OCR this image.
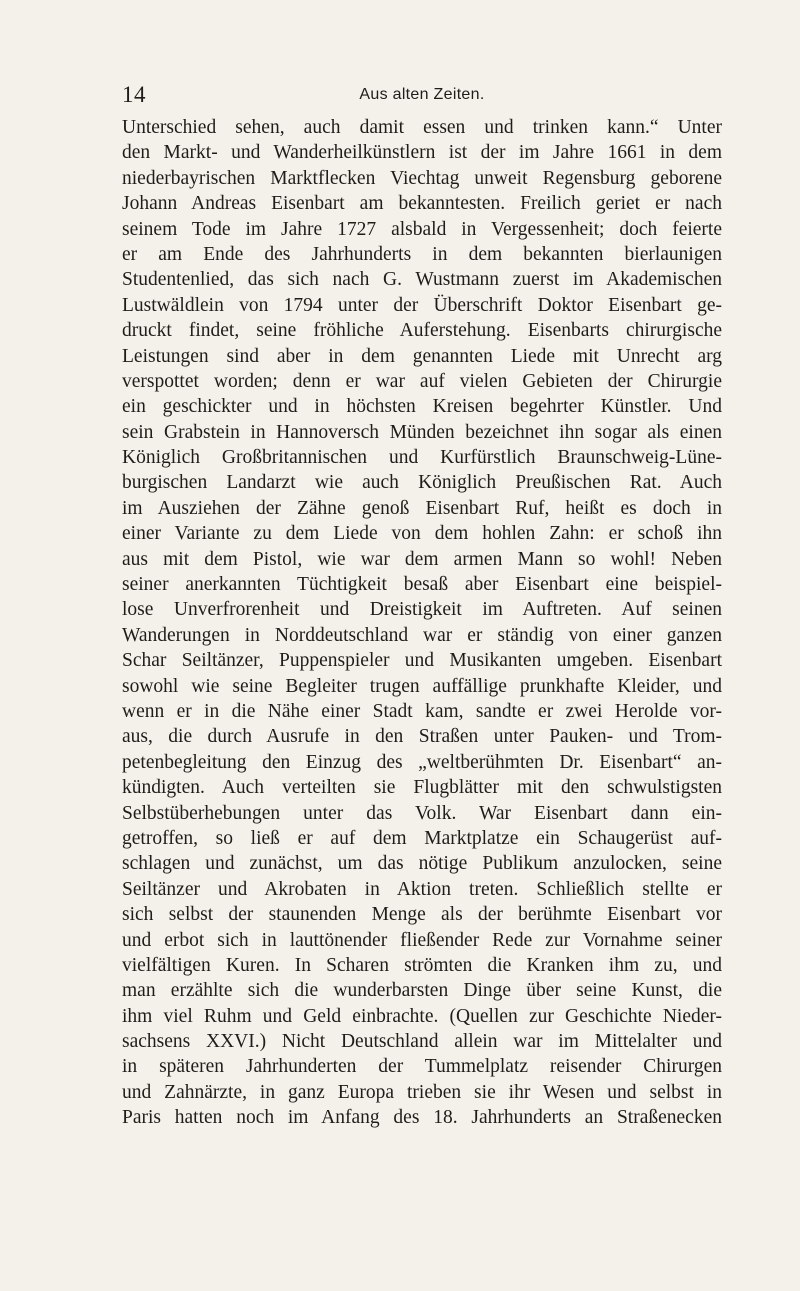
14	Aus alten Zeiten.
Unterschied sehen, auch damit essen und trinken kann.“ Unter
den Markt- und Wanderheilkünstlern ist der im Jahre 1661 in dem
niederbayrischen Marktflecken Viechtag unweit Regensburg geborene
Johann Andreas Eisenbart am bekanntesten. Freilich geriet er nach
seinem Tode im Jahre 1727 alsbald in Vergessenheit; doch feierte
er am Ende des Jahrhunderts in dem bekannten bierlaunigen
Studentenlied, das sich nach G. Wustmann zuerst im Akademischen
Lustwäldlein von 1794 unter der Überschrift Doktor Eisenbart ge-
druckt findet, seine fröhliche Auferstehung. Eisenbarts chirurgische
Leistungen sind aber in dem genannten Liede mit Unrecht arg
verspottet worden; denn er war auf vielen Gebieten der Chirurgie
ein geschickter und in höchsten Kreisen begehrter Künstler. Und
sein Grabstein in Hannoversch Münden bezeichnet ihn sogar als einen
Königlich Großbritannischen und Kurfürstlich Braunschweig-Lüne-
burgischen Landarzt wie auch Königlich Preußischen Rat. Auch
im Ausziehen der Zähne genoß Eisenbart Ruf, heißt es doch in
einer Variante zu dem Liede von dem hohlen Zahn: er schoß ihn
aus mit dem Pistol, wie war dem armen Mann so wohl! Neben
seiner anerkannten Tüchtigkeit besaß aber Eisenbart eine beispiel-
lose Unverfrorenheit und Dreistigkeit im Auftreten. Auf seinen
Wanderungen in Norddeutschland war er ständig von einer ganzen
Schar Seiltänzer, Puppenspieler und Musikanten umgeben. Eisenbart
sowohl wie seine Begleiter trugen auffällige prunkhafte Kleider, und
wenn er in die Nähe einer Stadt kam, sandte er zwei Herolde vor-
aus, die durch Ausrufe in den Straßen unter Pauken- und Trom-
petenbegleitung den Einzug des „weltberühmten Dr. Eisenbart“ an-
kündigten. Auch verteilten sie Flugblätter mit den schwulstigsten
Selbstüberhebungen unter das Volk. War Eisenbart dann ein-
getroffen, so ließ er auf dem Marktplatze ein Schaugerüst auf-
schlagen und zunächst, um das nötige Publikum anzulocken, seine
Seiltänzer und Akrobaten in Aktion treten. Schließlich stellte er
sich selbst der staunenden Menge als der berühmte Eisenbart vor
und erbot sich in lauttönender fließender Rede zur Vornahme seiner
vielfältigen Kuren. In Scharen strömten die Kranken ihm zu, und
man erzählte sich die wunderbarsten Dinge über seine Kunst, die
ihm viel Ruhm und Geld einbrachte. (Quellen zur Geschichte Nieder-
sachsens XXVI.) Nicht Deutschland allein war im Mittelalter und
in späteren Jahrhunderten der Tummelplatz reisender Chirurgen
und Zahnärzte, in ganz Europa trieben sie ihr Wesen und selbst in
Paris hatten noch im Anfang des 18. Jahrhunderts an Straßenecken
